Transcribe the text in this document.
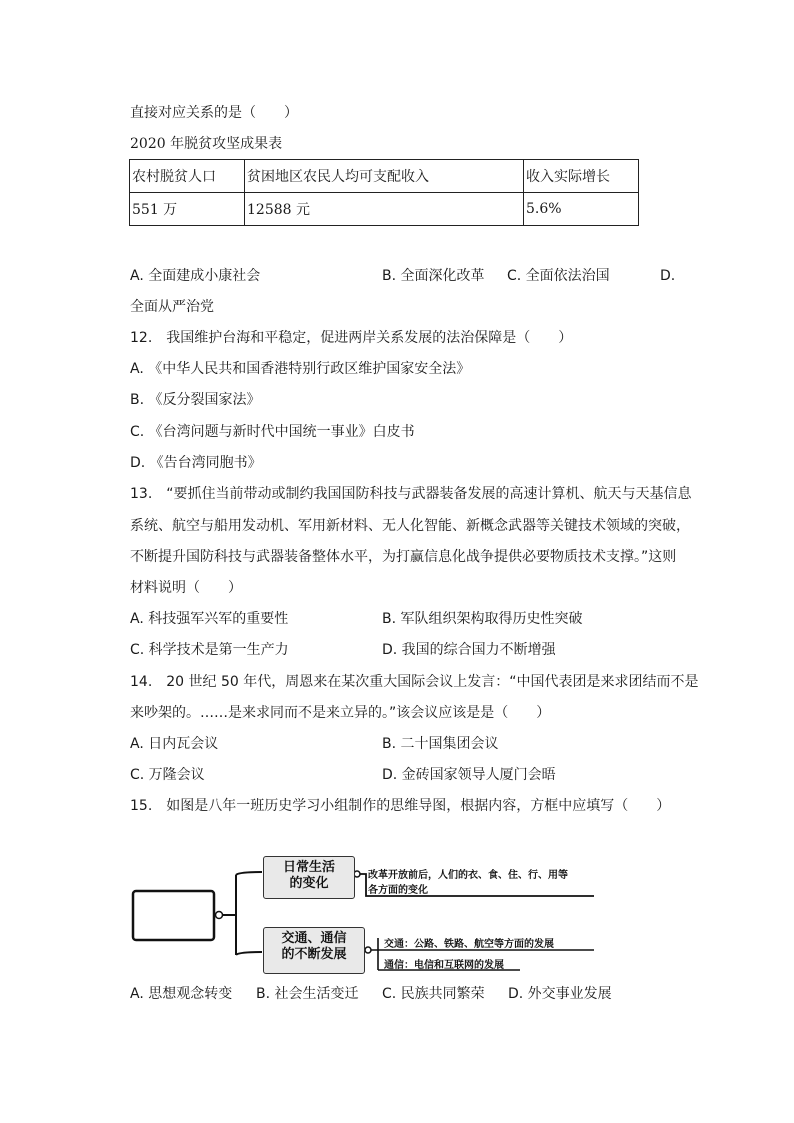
直接对应关系的是（　　）
2020 年脱贫攻坚成果表
农村脱贫人口	贫困地区农民人均可支配收入	收入实际增长
551 万	12588 元	5.6%
A. 全面建成小康社会	B. 全面深化改革 C. 全面依法治国	D.
全面从严治党
12.　我国维护台海和平稳定，促进两岸关系发展的法治保障是（　　）
A. 《中华人民共和国香港特别行政区维护国家安全法》
B. 《反分裂国家法》
C. 《台湾问题与新时代中国统一事业》白皮书
D. 《告台湾同胞书》
13.　“要抓住当前带动或制约我国国防科技与武器装备发展的高速计算机、航天与天基信息
系统、航空与船用发动机、军用新材料、无人化智能、新概念武器等关键技术领域的突破，
不断提升国防科技与武器装备整体水平，为打赢信息化战争提供必要物质技术支撑。”这则
材料说明（　　）
A. 科技强军兴军的重要性	B. 军队组织架构取得历史性突破
C. 科学技术是第一生产力	D. 我国的综合国力不断增强
14.　20 世纪 50 年代，周恩来在某次重大国际会议上发言：“中国代表团是来求团结而不是
来吵架的。……是来求同而不是来立异的。”该会议应该是是（　　）
A. 日内瓦会议	B. 二十国集团会议
C. 万隆会议	D. 金砖国家领导人厦门会晤
15.　如图是八年一班历史学习小组制作的思维导图，根据内容，方框中应填写（　　）
日常生活
的变化
改革开放前后，人们的衣、食、住、行、用等
各方面的变化
交通、通信
的不断发展
交通：公路、铁路、航空等方面的发展
通信：电信和互联网的发展
A. 思想观念转变 B. 社会生活变迁 C. 民族共同繁荣 D. 外交事业发展
